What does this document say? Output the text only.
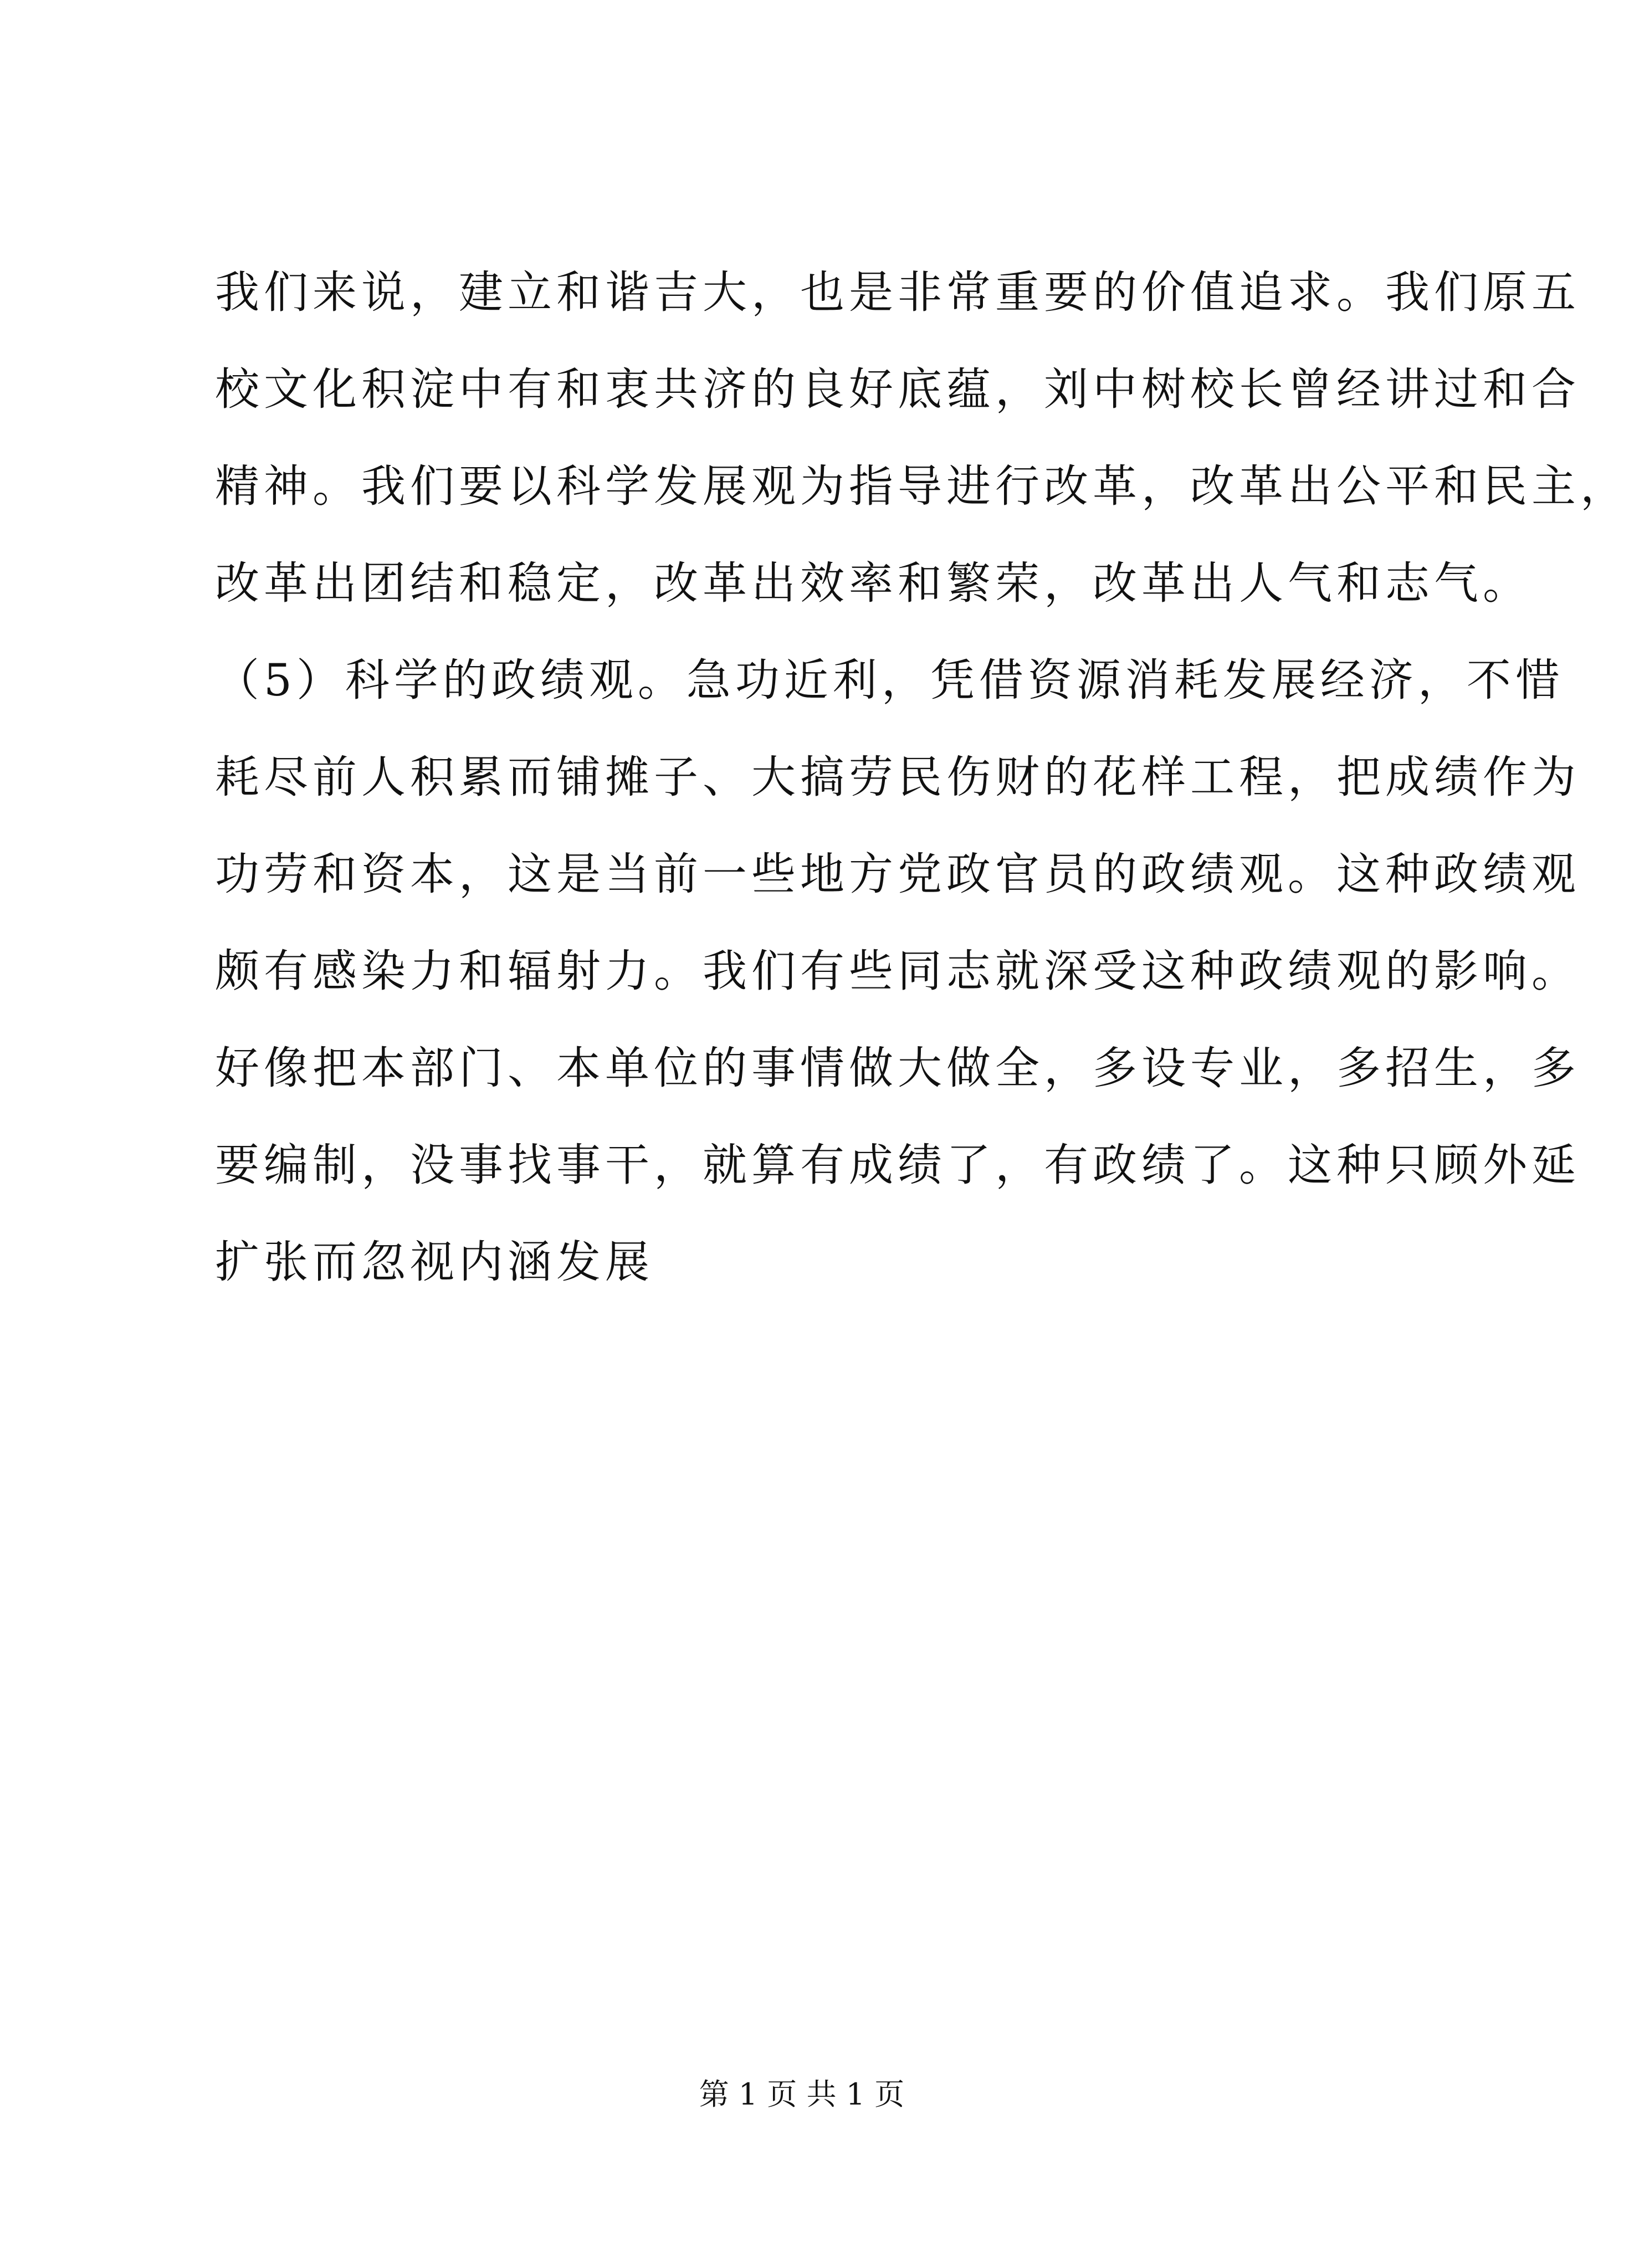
我们来说，建立和谐吉大，也是非常重要的价值追求。我们原五
校文化积淀中有和衷共济的良好底蕴，刘中树校长曾经讲过和合
精神。我们要以科学发展观为指导进行改革，改革出公平和民主，
改革出团结和稳定，改革出效率和繁荣，改革出人气和志气。
（5）科学的政绩观。急功近利，凭借资源消耗发展经济，不惜
耗尽前人积累而铺摊子、大搞劳民伤财的花样工程，把成绩作为
功劳和资本，这是当前一些地方党政官员的政绩观。这种政绩观
颇有感染力和辐射力。我们有些同志就深受这种政绩观的影响。
好像把本部门、本单位的事情做大做全，多设专业，多招生，多
要编制，没事找事干，就算有成绩了，有政绩了。这种只顾外延
扩张而忽视内涵发展
第 1 页 共 1 页
